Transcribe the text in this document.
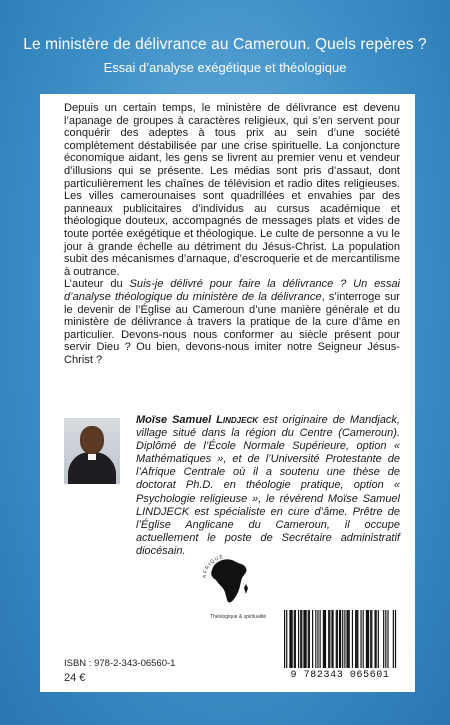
Le ministère de délivrance au Cameroun. Quels repères ?
Essai d’analyse exégétique et théologique

Depuis un certain temps, le ministère de délivrance est devenu l’apanage de groupes à caractères religieux, qui s’en servent pour conquérir des adeptes à tous prix au sein d’une société complètement déstabilisée par une crise spirituelle. La conjoncture économique aidant, les gens se livrent au premier venu et vendeur d’illusions qui se présente. Les médias sont pris d’assaut, dont particulièrement les chaînes de télévision et radio dites religieuses. Les villes camerounaises sont quadrillées et envahies par des panneaux publicitaires d’individus au cursus académique et théologique douteux, accompagnés de messages plats et vides de toute portée exégétique et théologique. Le culte de personne a vu le jour à grande échelle au détriment du Jésus-Christ. La population subit des mécanismes d’arnaque, d’escroquerie et de mercantilisme à outrance.

L’auteur du Suis-je délivré pour faire la délivrance ? Un essai d’analyse théologique du ministère de la délivrance, s’interroge sur le devenir de l’Église au Cameroun d’une manière générale et du ministère de délivrance à travers la pratique de la cure d’âme en particulier. Devons-nous nous conformer au siècle présent pour servir Dieu ? Ou bien, devons-nous imiter notre Seigneur Jésus-Christ ?

Moïse Samuel Lindjeck est originaire de Mandjack, village situé dans la région du Centre (Cameroun). Diplômé de l’École Normale Supérieure, option « Mathématiques », et de l’Université Protestante de l’Afrique Centrale où il a soutenu une thèse de doctorat Ph.D. en théologie pratique, option « Psychologie religieuse », le révérend Moïse Samuel LINDJECK est spécialiste en cure d’âme. Prêtre de l’Église Anglicane du Cameroun, il occupe actuellement le poste de Secrétaire administratif diocésain.

AFRIQUE
Théologique & spiritualité
ISBN : 978-2-343-06560-1
24 €	9 782343 065601
